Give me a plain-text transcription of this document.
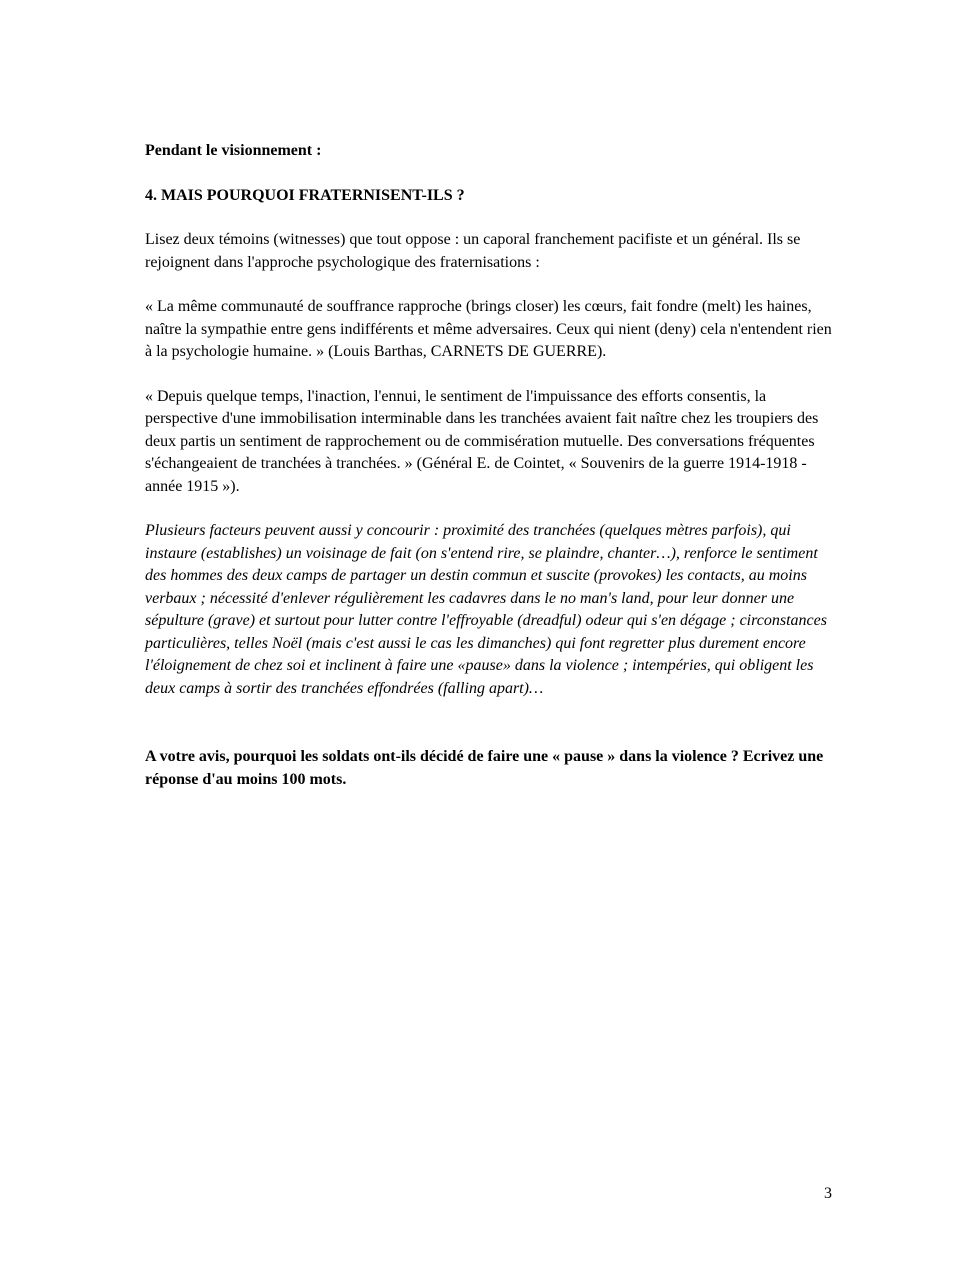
Pendant le visionnement :

4. MAIS POURQUOI FRATERNISENT-ILS ?

Lisez deux témoins (witnesses) que tout oppose : un caporal franchement pacifiste et un général. Ils se rejoignent dans l'approche psychologique des fraternisations :

« La même communauté de souffrance rapproche (brings closer) les cœurs, fait fondre (melt) les haines, naître la sympathie entre gens indifférents et même adversaires. Ceux qui nient (deny) cela n'entendent rien à la psychologie humaine. » (Louis Barthas, CARNETS DE GUERRE).

« Depuis quelque temps, l'inaction, l'ennui, le sentiment de l'impuissance des efforts consentis, la perspective d'une immobilisation interminable dans les tranchées avaient fait naître chez les troupiers des deux partis un sentiment de rapprochement ou de commisération mutuelle. Des conversations fréquentes s'échangeaient de tranchées à tranchées. » (Général E. de Cointet, « Souvenirs de la guerre 1914-1918 - année 1915 »).

Plusieurs facteurs peuvent aussi y concourir : proximité des tranchées (quelques mètres parfois), qui instaure (establishes) un voisinage de fait (on s'entend rire, se plaindre, chanter…), renforce le sentiment des hommes des deux camps de partager un destin commun et suscite (provokes) les contacts, au moins verbaux ; nécessité d'enlever régulièrement les cadavres dans le no man's land, pour leur donner une sépulture (grave) et surtout pour lutter contre l'effroyable (dreadful) odeur qui s'en dégage ; circonstances particulières, telles Noël (mais c'est aussi le cas les dimanches) qui font regretter plus durement encore l'éloignement de chez soi et inclinent à faire une «pause» dans la violence ; intempéries, qui obligent les deux camps à sortir des tranchées effondrées (falling apart)…

A votre avis, pourquoi les soldats ont-ils décidé de faire une « pause » dans la violence ? Ecrivez une réponse d'au moins 100 mots.

3
